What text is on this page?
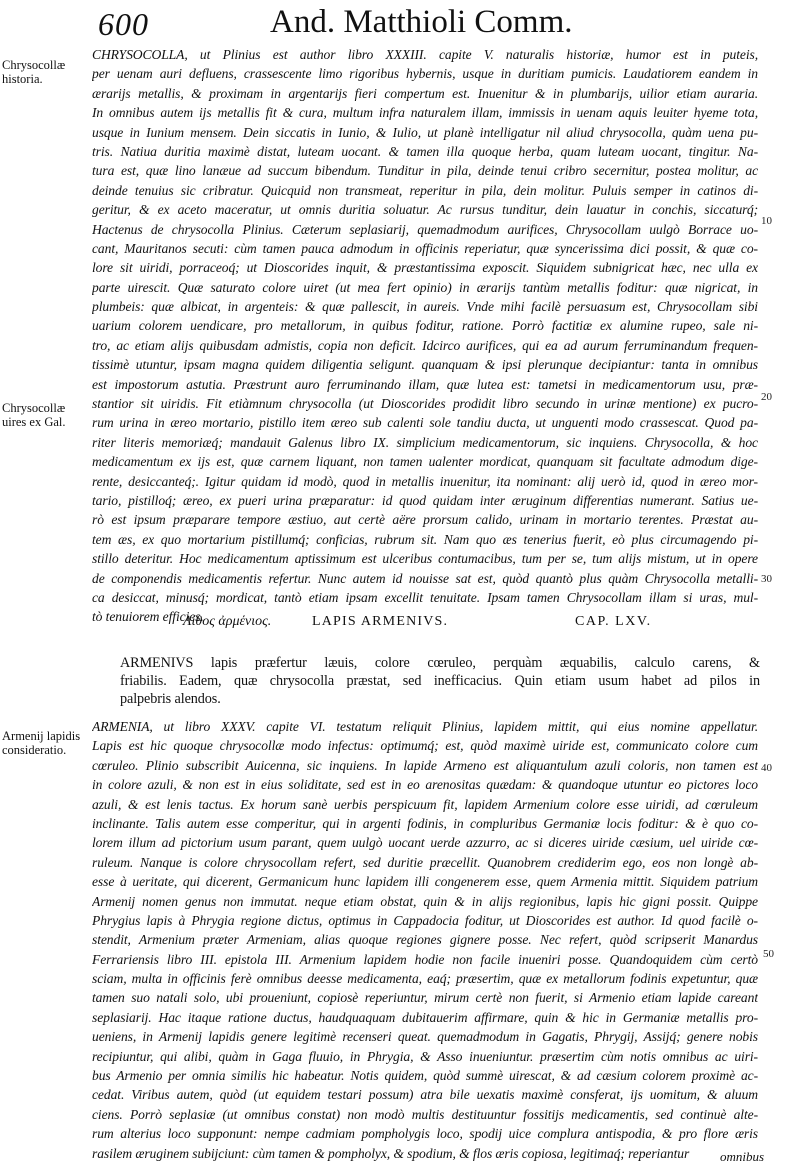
600	And. Matthioli Comm.
Chrysocollæ historia.
Chrysocollæ uires ex Gal.
Armenij lapidis consideratio.
10
20
30
40
50
CHRYSOCOLLA, ut Plinius est author libro XXXIII. capite V. naturalis historiæ, humor est in puteis,
per uenam auri defluens, crassescente limo rigoribus hybernis, usque in duritiam pumicis. Laudatiorem eandem in
ærarijs metallis, & proximam in argentarijs fieri compertum est. Inuenitur & in plumbarijs, uilior etiam auraria.
In omnibus autem ijs metallis fit & cura, multum infra naturalem illam, immissis in uenam aquis leuiter hyeme tota,
usque in Iunium mensem. Dein siccatis in Iunio, & Iulio, ut planè intelligatur nil aliud chrysocolla, quàm uena pu-
tris. Natiua duritia maximè distat, luteam uocant. & tamen illa quoque herba, quam luteam uocant, tingitur. Na-
tura est, quæ lino lanæue ad succum bibendum. Tunditur in pila, deinde tenui cribro secernitur, postea molitur, ac
deinde tenuius sic cribratur. Quicquid non transmeat, reperitur in pila, dein molitur. Puluis semper in catinos di-
geritur, & ex aceto maceratur, ut omnis duritia soluatur. Ac rursus tunditur, dein lauatur in conchis, siccaturq́;
Hactenus de chrysocolla Plinius. Cæterum seplasiarij, quemadmodum aurifices, Chrysocollam uulgò Borrace uo-
cant, Mauritanos secuti: cùm tamen pauca admodum in officinis reperiatur, quæ syncerissima dici possit, & quæ co-
lore sit uiridi, porraceoq́; ut Dioscorides inquit, & præstantissima exposcit. Siquidem subnigricat hæc, nec ulla ex
parte uirescit. Quæ saturato colore uiret (ut mea fert opinio) in ærarijs tantùm metallis foditur: quæ nigricat, in
plumbeis: quæ albicat, in argenteis: & quæ pallescit, in aureis. Vnde mihi facilè persuasum est, Chrysocollam sibi
uarium colorem uendicare, pro metallorum, in quibus foditur, ratione. Porrò factitiæ ex alumine rupeo, sale ni-
tro, ac etiam alijs quibusdam admistis, copia non deficit. Idcirco aurifices, qui ea ad aurum ferruminandum frequen-
tissimè utuntur, ipsam magna quidem diligentia seligunt. quanquam & ipsi plerunque decipiantur: tanta in omnibus
est impostorum astutia. Præstrunt auro ferruminando illam, quæ lutea est: tametsi in medicamentorum usu, præ-
stantior sit uiridis. Fit etiàmnum chrysocolla (ut Dioscorides prodidit libro secundo in urinæ mentione) ex pucro-
rum urina in æreo mortario, pistillo item æreo sub calenti sole tandiu ducta, ut unguenti modo crassescat. Quod pa-
riter literis memoriæq́; mandauit Galenus libro IX. simplicium medicamentorum, sic inquiens. Chrysocolla, & hoc
medicamentum ex ijs est, quæ carnem liquant, non tamen ualenter mordicat, quanquam sit facultate admodum dige-
rente, desiccanteq́;. Igitur quidam id modò, quod in metallis inuenitur, ita nominant: alij uerò id, quod in æreo mor-
tario, pistilloq́; æreo, ex pueri urina præparatur: id quod quidam inter æruginum differentias numerant. Satius ue-
rò est ipsum præparare tempore æstiuo, aut certè aëre prorsum calido, urinam in mortario terentes. Præstat au-
tem æs, ex quo mortarium pistillumq́; conficias, rubrum sit. Nam quo æs tenerius fuerit, eò plus circumagendo pi-
stillo deteritur. Hoc medicamentum aptissimum est ulceribus contumacibus, tum per se, tum alijs mistum, ut in opere
de componendis medicamentis refertur. Nunc autem id nouisse sat est, quòd quantò plus quàm Chrysocolla metalli-
ca desiccat, minusq́; mordicat, tantò etiam ipsam excellit tenuitate. Ipsam tamen Chrysocollam illam si uras, mul-
tò tenuiorem efficies.
Λίθος ἀρμένιος.	LAPIS ARMENIVS.	CAP. LXV.
ARMENIVS lapis præfertur læuis, colore cœruleo, perquàm æquabilis, calculo carens, &
friabilis. Eadem, quæ chrysocolla præstat, sed inefficacius. Quin etiam usum habet ad pilos in
palpebris alendos.
ARMENIA, ut libro XXXV. capite VI. testatum reliquit Plinius, lapidem mittit, qui eius nomine appellatur.
Lapis est hic quoque chrysocollæ modo infectus: optimumq́; est, quòd maximè uiride est, communicato colore cum
cœruleo. Plinio subscribit Auicenna, sic inquiens. In lapide Armeno est aliquantulum azuli coloris, non tamen est
in colore azuli, & non est in eius soliditate, sed est in eo arenositas quædam: & quandoque utuntur eo pictores loco
azuli, & est lenis tactus. Ex horum sanè uerbis perspicuum fit, lapidem Armenium colore esse uiridi, ad cœruleum
inclinante. Talis autem esse comperitur, qui in argenti fodinis, in compluribus Germaniæ locis foditur: & è quo co-
lorem illum ad pictorium usum parant, quem uulgò uocant uerde azzurro, ac si diceres uiride cæsium, uel uiride cœ-
ruleum. Nanque is colore chrysocollam refert, sed duritie præcellit. Quanobrem crediderim ego, eos non longè ab-
esse à ueritate, qui dicerent, Germanicum hunc lapidem illi congenerem esse, quem Armenia mittit. Siquidem patrium
Armenij nomen genus non immutat. neque etiam obstat, quin & in alijs regionibus, lapis hic gigni possit. Quippe
Phrygius lapis à Phrygia regione dictus, optimus in Cappadocia foditur, ut Dioscorides est author. Id quod facilè o-
stendit, Armenium præter Armeniam, alias quoque regiones gignere posse. Nec refert, quòd scripserit Manardus
Ferrariensis libro III. epistola III. Armenium lapidem hodie non facile inueniri posse. Quandoquidem cùm certò
sciam, multa in officinis ferè omnibus deesse medicamenta, eaq́; præsertim, quæ ex metallorum fodinis expetuntur, quæ
tamen suo natali solo, ubi proueniunt, copiosè reperiuntur, mirum certè non fuerit, si Armenio etiam lapide careant
seplasiarij. Hac itaque ratione ductus, haudquaquam dubitauerim affirmare, quin & hic in Germaniæ metallis pro-
ueniens, in Armenij lapidis genere legitimè recenseri queat. quemadmodum in Gagatis, Phrygij, Assijq́; genere nobis
recipiuntur, qui alibi, quàm in Gaga fluuio, in Phrygia, & Asso inueniuntur. præsertim cùm notis omnibus ac uiri-
bus Armenio per omnia similis hic habeatur. Notis quidem, quòd summè uirescat, & ad cæsium colorem proximè ac-
cedat. Viribus autem, quòd (ut equidem testari possum) atra bile uexatis maximè consferat, ijs uomitum, & aluum
ciens. Porrò seplasiæ (ut omnibus constat) non modò multis destituuntur fossitijs medicamentis, sed continuè alte-
rum alterius loco supponunt: nempe cadmiam pompholygis loco, spodij uice complura antispodia, & pro flore æris
rasilem æruginem subijciunt: cùm tamen & pompholyx, & spodium, & flos æris copiosa, legitimaq́; reperiantur	omnibus
